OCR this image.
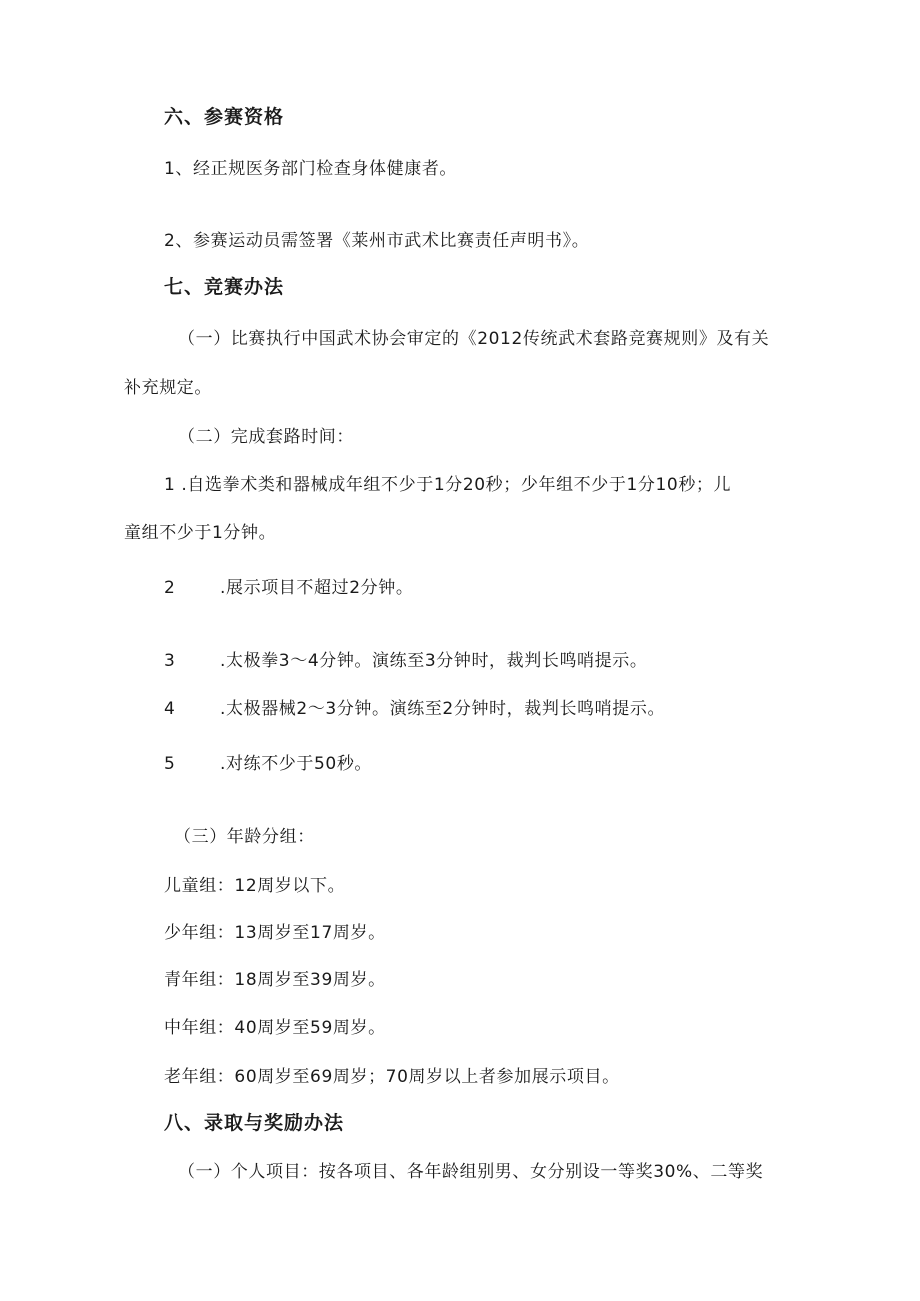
六、参赛资格
1、经正规医务部门检查身体健康者。
2、参赛运动员需签署《莱州市武术比赛责任声明书》。
七、竞赛办法
（一）比赛执行中国武术协会审定的《2012传统武术套路竞赛规则》及有关
补充规定。
（二）完成套路时间：
1 .自选拳术类和器械成年组不少于1分20秒；少年组不少于1分10秒；儿
童组不少于1分钟。
2	.展示项目不超过2分钟。
3	.太极拳3～4分钟。演练至3分钟时，裁判长鸣哨提示。
4	.太极器械2～3分钟。演练至2分钟时，裁判长鸣哨提示。
5	.对练不少于50秒。
（三）年龄分组：
儿童组：12周岁以下。
少年组：13周岁至17周岁。
青年组：18周岁至39周岁。
中年组：40周岁至59周岁。
老年组：60周岁至69周岁；70周岁以上者参加展示项目。
八、录取与奖励办法
（一）个人项目：按各项目、各年龄组别男、女分别设一等奖30%、二等奖
